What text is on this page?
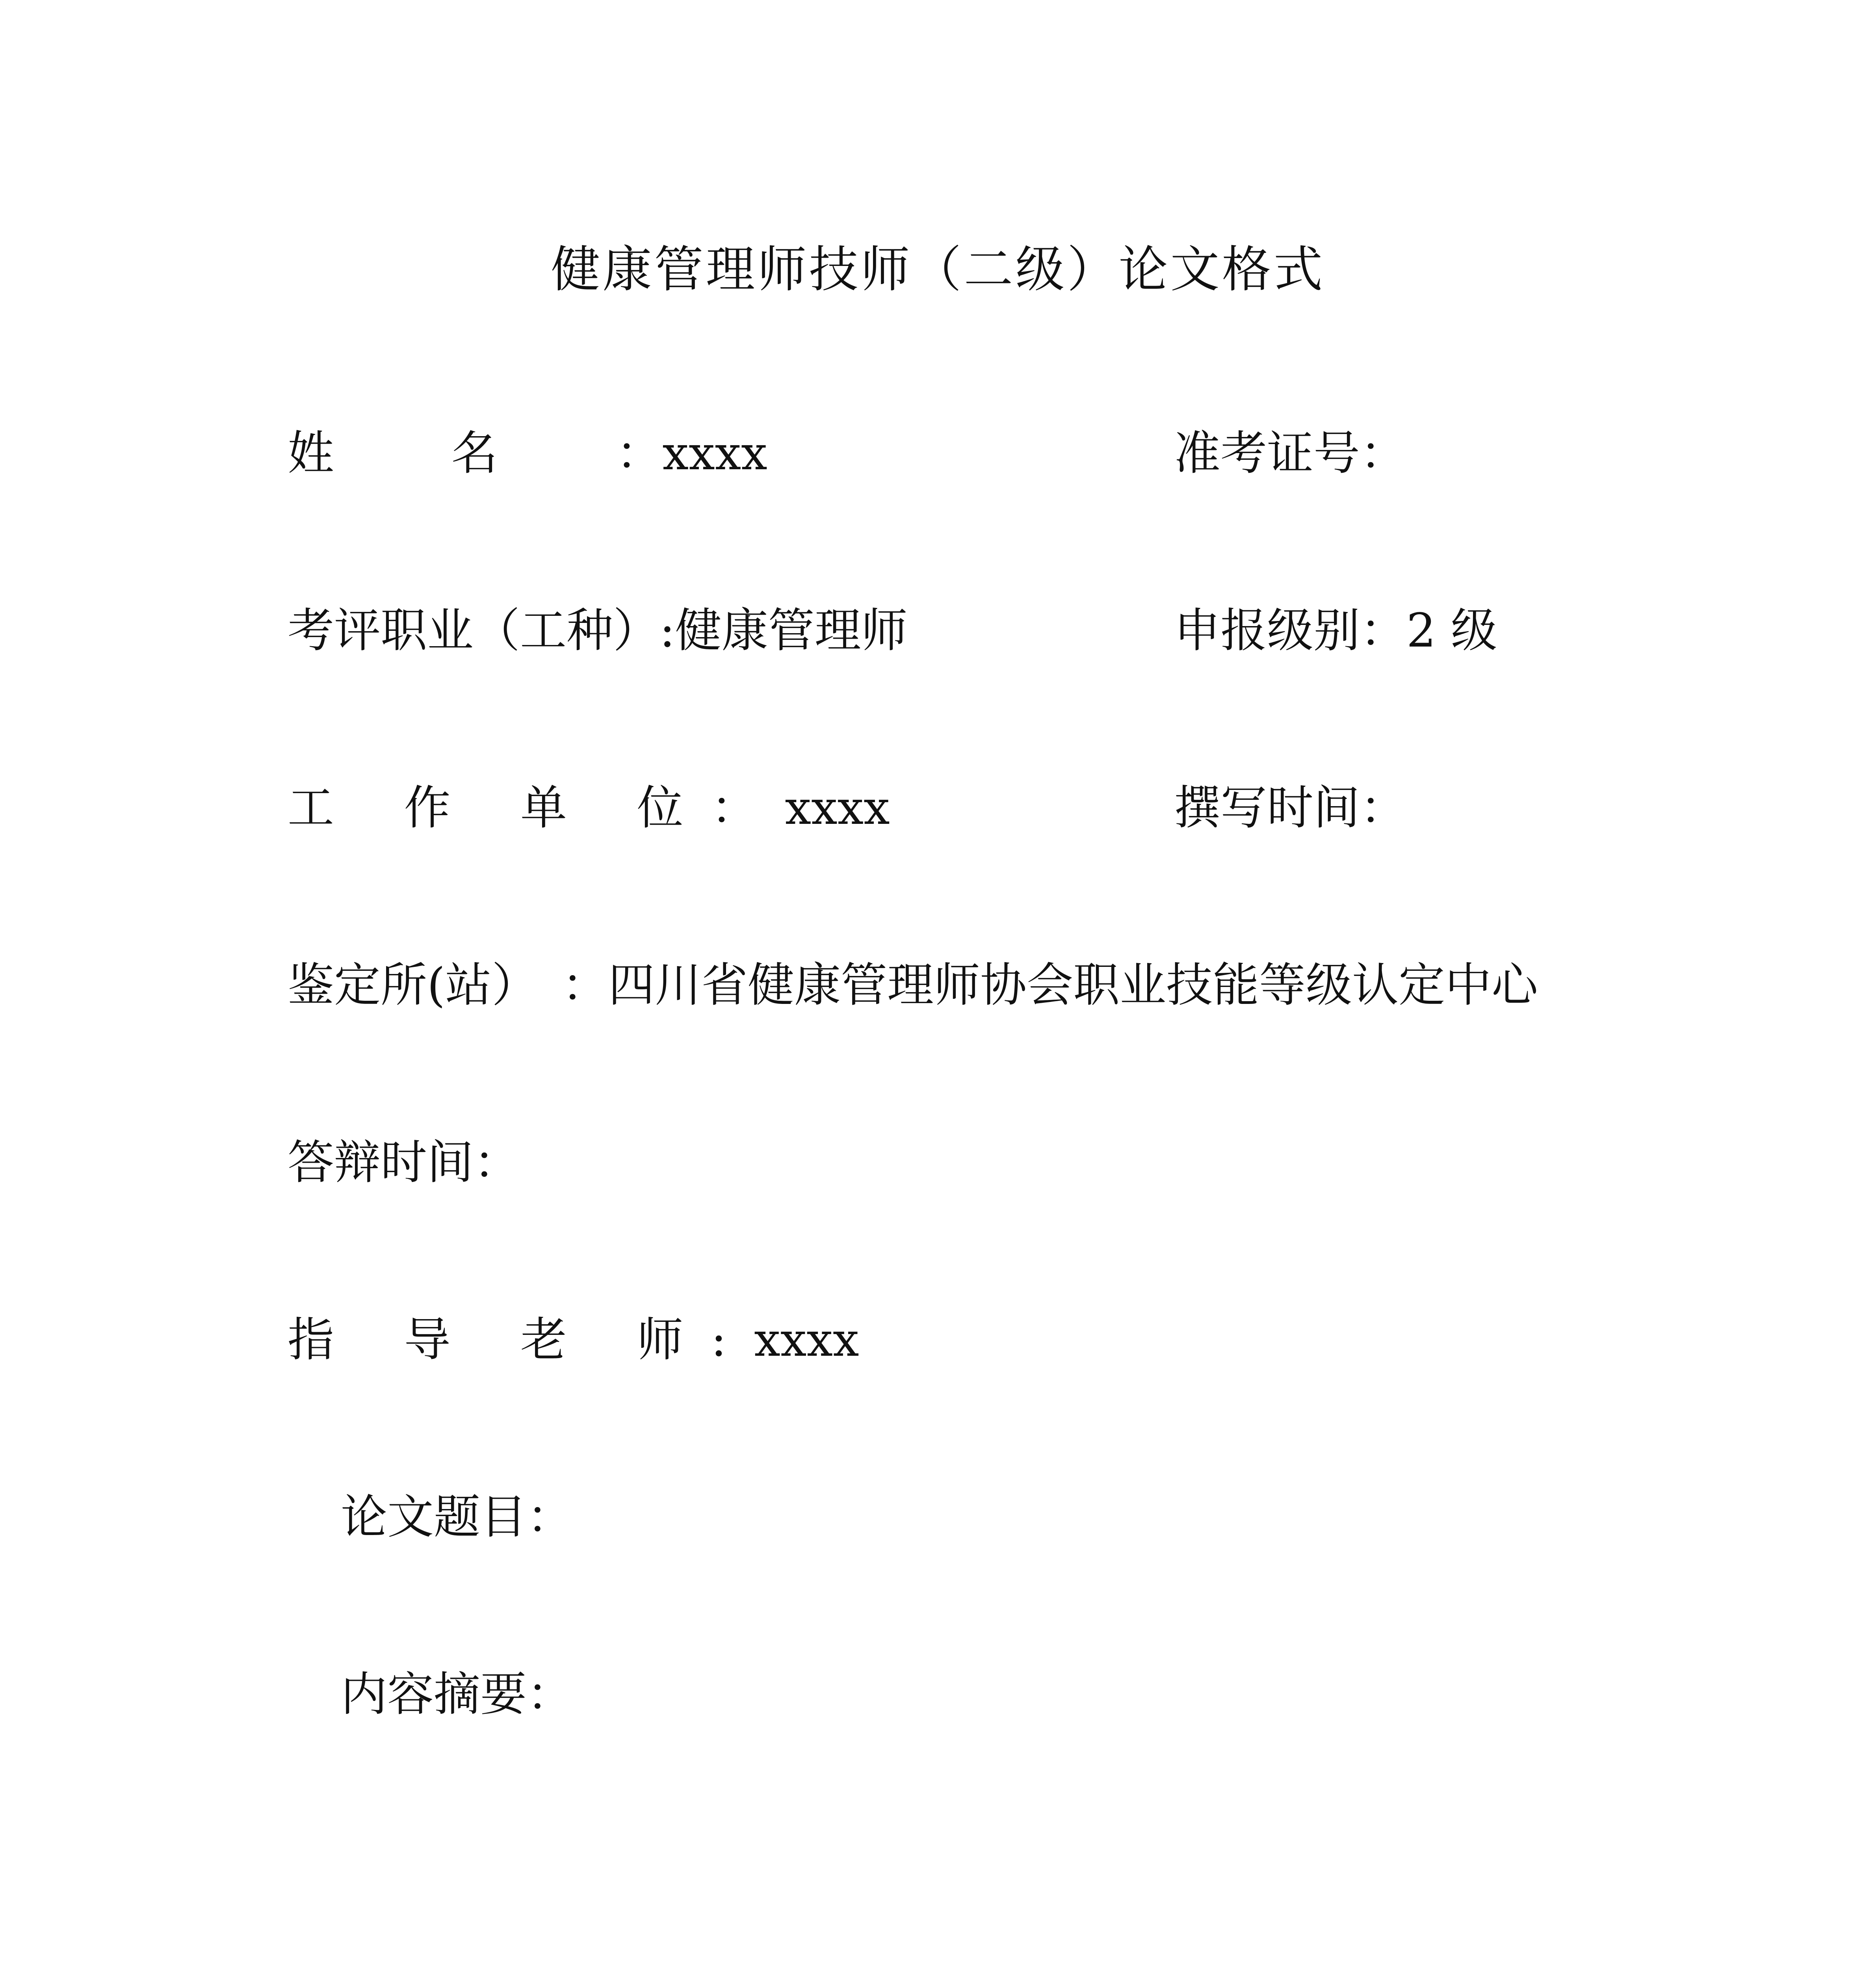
健康管理师技师（二级）论文格式
姓 名 ：xxxx	准考证号：
考评职业（工种）:健康管理师	申报级别：2 级
工 作 单 位：xxxx	撰写时间：
鉴定所(站） ：四川省健康管理师协会职业技能等级认定中心
答辩时间：
指 导 老 师:xxxx
论文题目：
内容摘要：
